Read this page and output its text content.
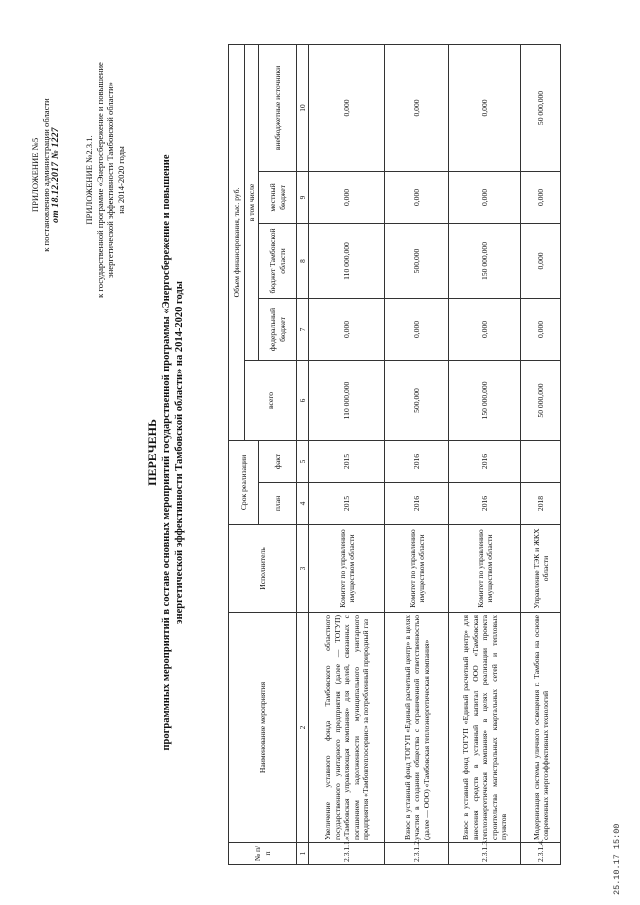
ПРИЛОЖЕНИЕ №5 к постановлению администрации области от 18.12.2017 № 1227	ПРИЛОЖЕНИЕ №2.3.1. к государственной программе «Энергосбережение и повышение энергетической эффективности Тамбовской области» на 2014-2020 годы
ПЕРЕЧЕНЬ программных мероприятий в составе основных мероприятий государственной программы «Энергосбережение и повышение энергетической эффективности Тамбовской области» на 2014-2020 годы
№ п/п	Наименование мероприятия	Исполнитель	Срок реализации		Объем финансирования, тыс. руб.				
					всего	в том числе			
			план	факт		федеральный бюджет	бюджет Тамбовской области	местный бюджет	внебюджетные источники
1	2	3	4	5	6	7	8	9	10
2.3.1.1.	Увеличение уставного фонда Тамбовского областного государственного унитарного предприятия (далее — ТОГУП) «Тамбовская управляющая компания» для целей, связанных с погашением задолженности муниципального унитарного предприятия «Тамбовтеплосервис» за потребленный природный газ	Комитет по управлению имуществом области	2015	2015	110 000,000	0,000	110 000,000	0,000	0,000
2.3.1.2.	Взнос в уставный фонд ТОГУП «Единый расчетный центр» в целях участия в создании общества с ограниченной ответственностью (далее — ООО) «Тамбовская теплоэнергетическая компания»	Комитет по управлению имуществом области	2016	2016	500,000	0,000	500,000	0,000	0,000
2.3.1.3.	Взнос в уставный фонд ТОГУП «Единый расчетный центр» для внесения средств в уставный капитал ООО «Тамбовская теплоэнергетическая компания» в целях реализации проекта строительства магистральных квартальных сетей и тепловых пунктов	Комитет по управлению имуществом области	2016	2016	150 000,000	0,000	150 000,000	0,000	0,000
2.3.1.4.	Модернизация системы уличного освещения г. Тамбова на основе современных энергоэффективных технологий	Управление ТЭК и ЖКХ области	2018		50 000,000	0,000	0,000	0,000	50 000,000
25.10.17 15:00
